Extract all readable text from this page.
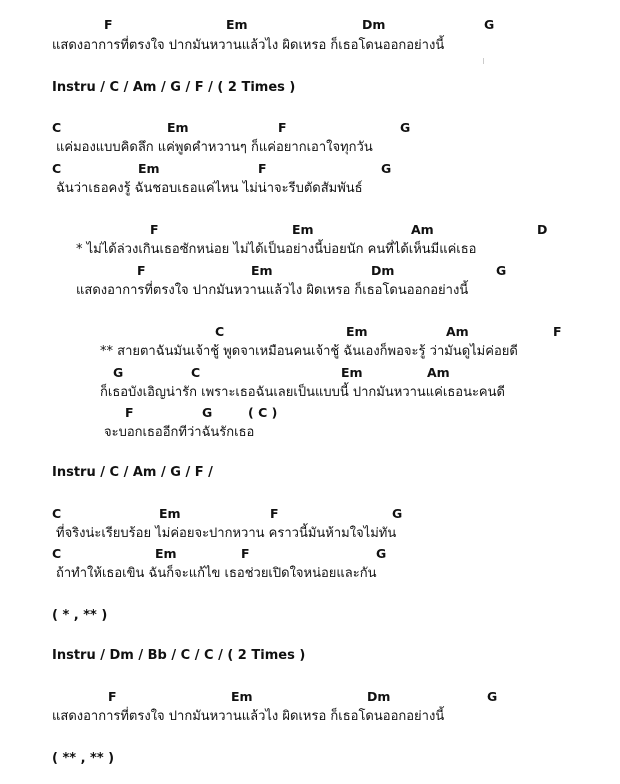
F	Em	Dm	G
แสดงอาการที่ตรงใจ ปากมันหวานแล้วไง ผิดเหรอ ก็เธอโดนออกอย่างนี้
Instru / C / Am / G / F / ( 2 Times )
C	Em	F	G
แค่มองแบบคิดลึก แค่พูดคำหวานๆ ก็แค่อยากเอาใจทุกวัน
C	Em	F	G
ฉันว่าเธอคงรู้ ฉันชอบเธอแค่ไหน ไม่น่าจะรีบตัดสัมพันธ์
F	Em	Am	D
* ไม่ได้ล่วงเกินเธอซักหน่อย ไม่ได้เป็นอย่างนี้บ่อยนัก คนที่ได้เห็นมีแค่เธอ
F	Em	Dm	G
แสดงอาการที่ตรงใจ ปากมันหวานแล้วไง ผิดเหรอ ก็เธอโดนออกอย่างนี้
C	Em	Am	F
** สายตาฉันมันเจ้าชู้ พูดจาเหมือนคนเจ้าชู้ ฉันเองก็พอจะรู้ ว่ามันดูไม่ค่อยดี
G	C	Em	Am
ก็เธอบังเอิญน่ารัก เพราะเธอฉันเลยเป็นแบบนี้ ปากมันหวานแค่เธอนะคนดี
F	G	( C )
จะบอกเธออีกทีว่าฉันรักเธอ
Instru / C / Am / G / F /
C	Em	F	G
ที่จริงน่ะเรียบร้อย ไม่ค่อยจะปากหวาน คราวนี้มันห้ามใจไม่ทัน
C	Em	F	G
ถ้าทำให้เธอเขิน ฉันก็จะแก้ไข เธอช่วยเปิดใจหน่อยและกัน
( * , ** )
Instru / Dm / Bb / C / C / ( 2 Times )
F	Em	Dm	G
แสดงอาการที่ตรงใจ ปากมันหวานแล้วไง ผิดเหรอ ก็เธอโดนออกอย่างนี้
( ** , ** )
